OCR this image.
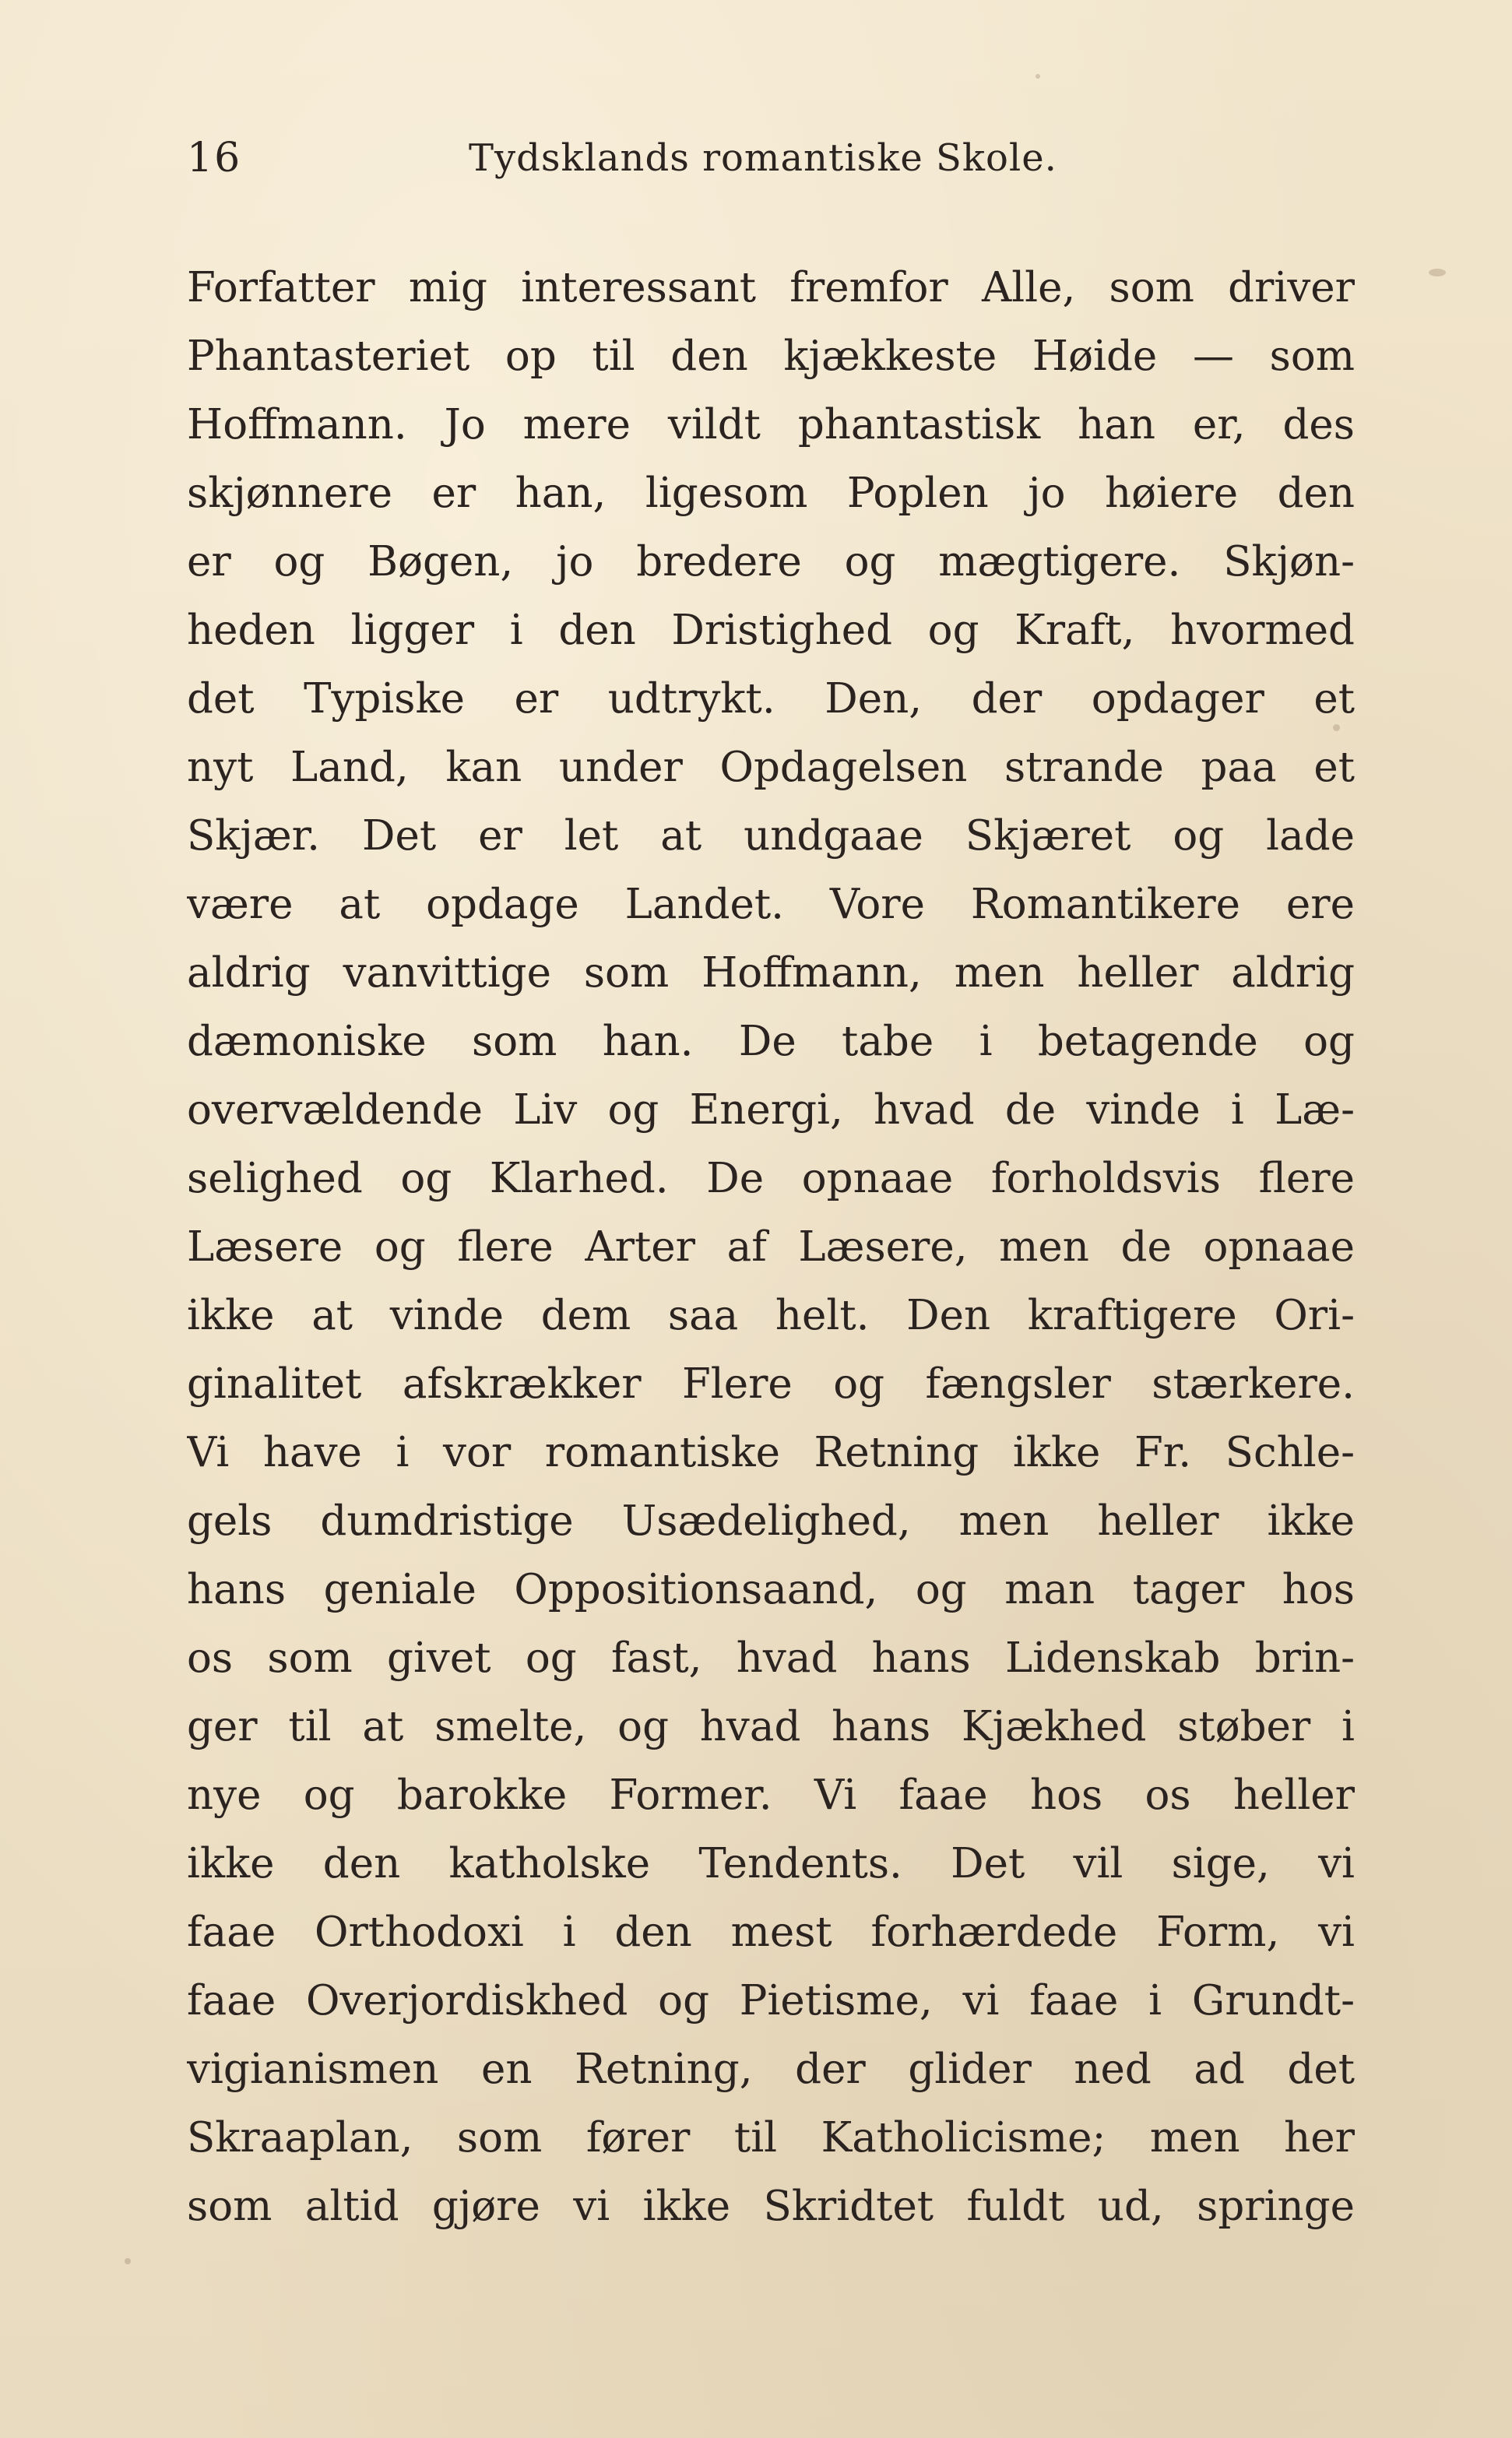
16	Tydsklands romantiske Skole.
Forfatter mig interessant fremfor Alle, som driver
Phantasteriet op til den kjækkeste Høide — som
Hoffmann. Jo mere vildt phantastisk han er, des
skjønnere er han, ligesom Poplen jo høiere den
er og Bøgen, jo bredere og mægtigere. Skjøn-
heden ligger i den Dristighed og Kraft, hvormed
det Typiske er udtrykt. Den, der opdager et
nyt Land, kan under Opdagelsen strande paa et
Skjær. Det er let at undgaae Skjæret og lade
være at opdage Landet. Vore Romantikere ere
aldrig vanvittige som Hoffmann, men heller aldrig
dæmoniske som han. De tabe i betagende og
overvældende Liv og Energi, hvad de vinde i Læ-
selighed og Klarhed. De opnaae forholdsvis flere
Læsere og flere Arter af Læsere, men de opnaae
ikke at vinde dem saa helt. Den kraftigere Ori-
ginalitet afskrækker Flere og fængsler stærkere.
Vi have i vor romantiske Retning ikke Fr. Schle-
gels dumdristige Usædelighed, men heller ikke
hans geniale Oppositionsaand, og man tager hos
os som givet og fast, hvad hans Lidenskab brin-
ger til at smelte, og hvad hans Kjækhed støber i
nye og barokke Former. Vi faae hos os heller
ikke den katholske Tendents. Det vil sige, vi
faae Orthodoxi i den mest forhærdede Form, vi
faae Overjordiskhed og Pietisme, vi faae i Grundt-
vigianismen en Retning, der glider ned ad det
Skraaplan, som fører til Katholicisme; men her
som altid gjøre vi ikke Skridtet fuldt ud, springe
